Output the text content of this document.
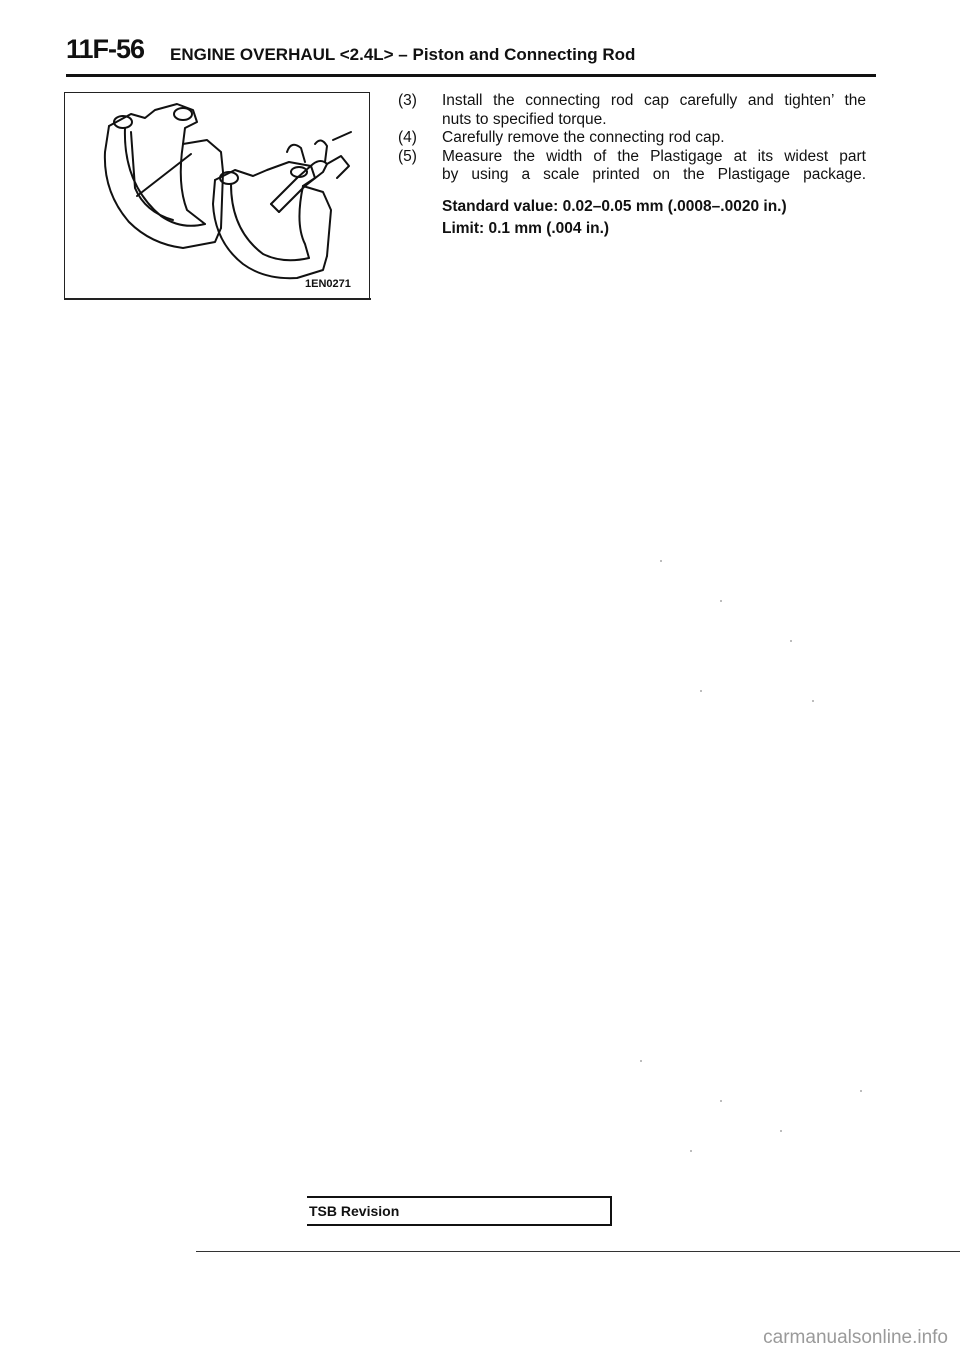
11F-56 ENGINE OVERHAUL <2.4L> – Piston and Connecting Rod
1EN0271
(3) Install the connecting rod cap carefully and tighten’ the
nuts to specified torque.
(4) Carefully remove the connecting rod cap.
(5) Measure the width of the Plastigage at its widest part
by using a scale printed on the Plastigage package.
Standard value: 0.02–0.05 mm (.0008–.0020 in.)
Limit: 0.1 mm (.004 in.)
TSB Revision
carmanualsonline.info
